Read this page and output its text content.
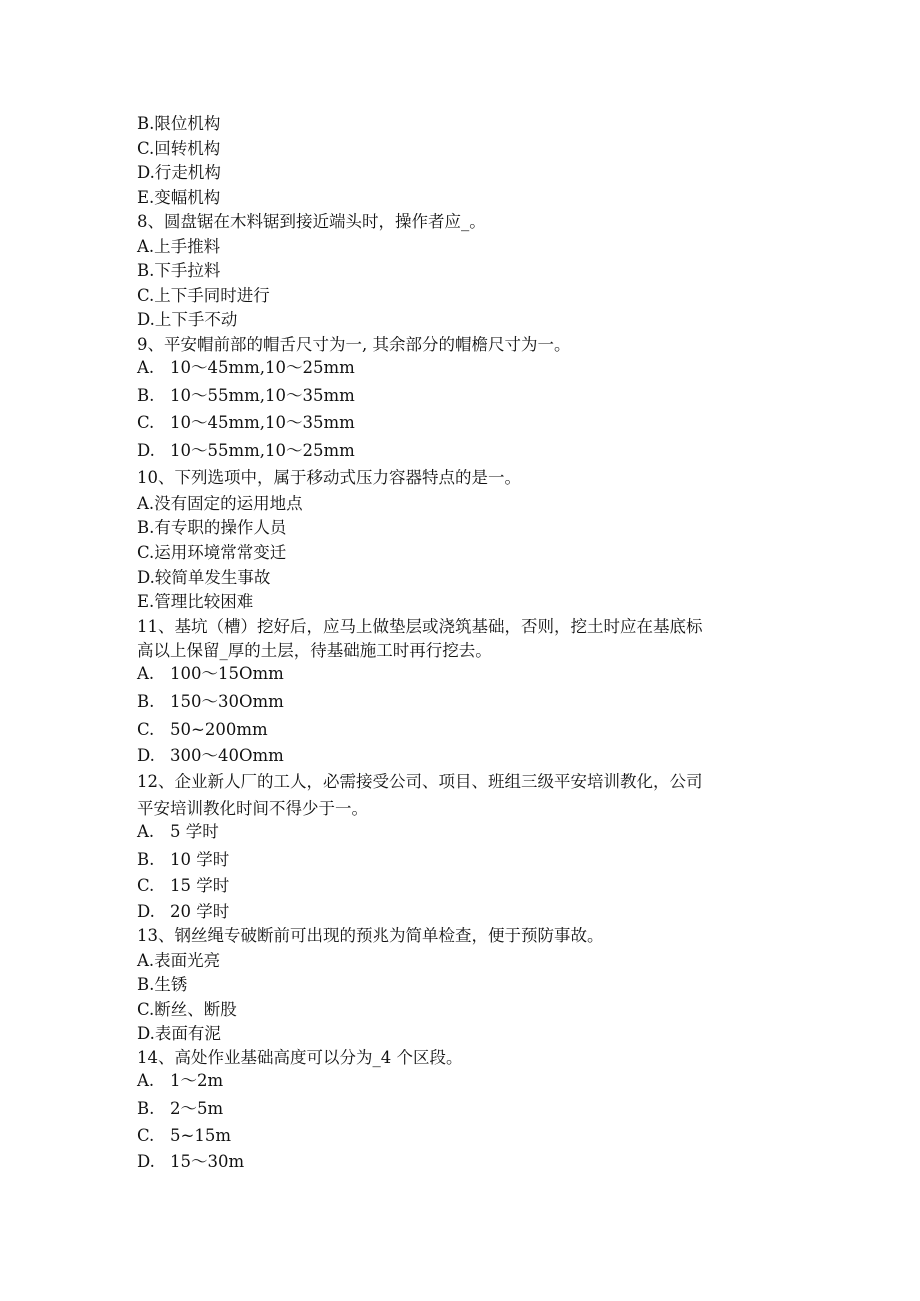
B.限位机构
C.回转机构
D.行走机构
E.变幅机构
8、圆盘锯在木料锯到接近端头时，操作者应_。
A.上手推料
B.下手拉料
C.上下手同时进行
D.上下手不动
9、平安帽前部的帽舌尺寸为一, 其余部分的帽檐尺寸为一。
A. 10～45mm,10～25mm
B. 10～55mm,10～35mm
C. 10～45mm,10～35mm
D. 10～55mm,10～25mm
10、下列选项中，属于移动式压力容器特点的是一。
A.没有固定的运用地点
B.有专职的操作人员
C.运用环境常常变迁
D.较简单发生事故
E.管理比较困难
11、基坑（槽）挖好后，应马上做垫层或浇筑基础，否则，挖土时应在基底标
高以上保留_厚的土层，待基础施工时再行挖去。
A. 100～15Omm
B. 150～30Omm
C. 50~200mm
D. 300～40Omm
12、企业新人厂的工人，必需接受公司、项目、班组三级平安培训教化，公司
平安培训教化时间不得少于一。
A. 5 学时
B. 10 学时
C. 15 学时
D. 20 学时
13、钢丝绳专破断前可出现的预兆为简单检查，便于预防事故。
A.表面光亮
B.生锈
C.断丝、断股
D.表面有泥
14、高处作业基础高度可以分为_4 个区段。
A. 1～2m
B. 2～5m
C. 5~15m
D. 15～30m
